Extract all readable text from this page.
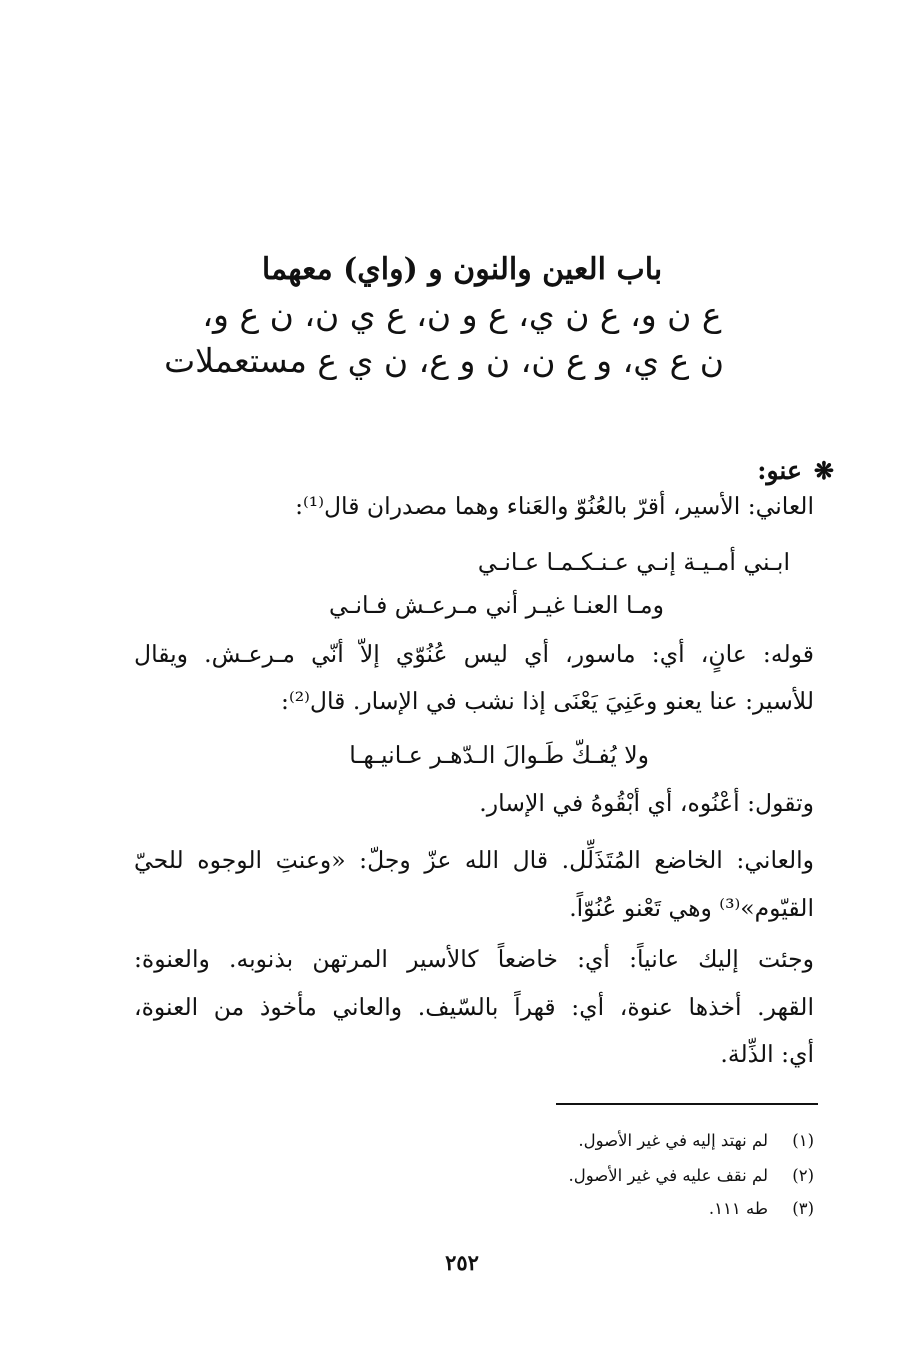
باب العين والنون و (واي) معهما
ع ن و، ع ن ي، ع و ن، ع ي ن، ن ع و،
ن ع ي، و ع ن، ن و ع، ن ي ع مستعملات
❋عنو:
العاني: الأسير، أقرّ بالعُنُوّ والعَناء وهما مصدران قال⁽¹⁾:
ابـني أمـيـة إنـي عـنـكـمـا عـانـي
ومـا العنـا غيـر أني مـرعـش فـانـي
قوله: عانٍ، أي: ماسور، أي ليس عُنُوّي إلاّ أنّي مـرعـش. ويقال
للأسير: عنا يعنو وعَنِيَ يَعْنَى إذا نشب في الإسار. قال⁽²⁾:
ولا يُفـكّ طَـوالَ الـدّهـر عـانيـهـا
وتقول: أعْنُوه، أي أبْقُوهُ في الإسار.
والعاني: الخاضع المُتَذَلِّل. قال الله عزّ وجلّ: «وعنتِ الوجوه للحيّ
القيّوم»⁽³⁾ وهي تَعْنو عُنُوّاً.
وجئت إليك عانياً: أي: خاضعاً كالأسير المرتهن بذنوبه. والعنوة:
القهر. أخذها عنوة، أي: قهراً بالسّيف. والعاني مأخوذ من العنوة،
أي: الذِّلة.
(١)لم نهتد إليه في غير الأصول.
(٢)لم نقف عليه في غير الأصول.
(٣)طه ١١١.
٢٥٢
